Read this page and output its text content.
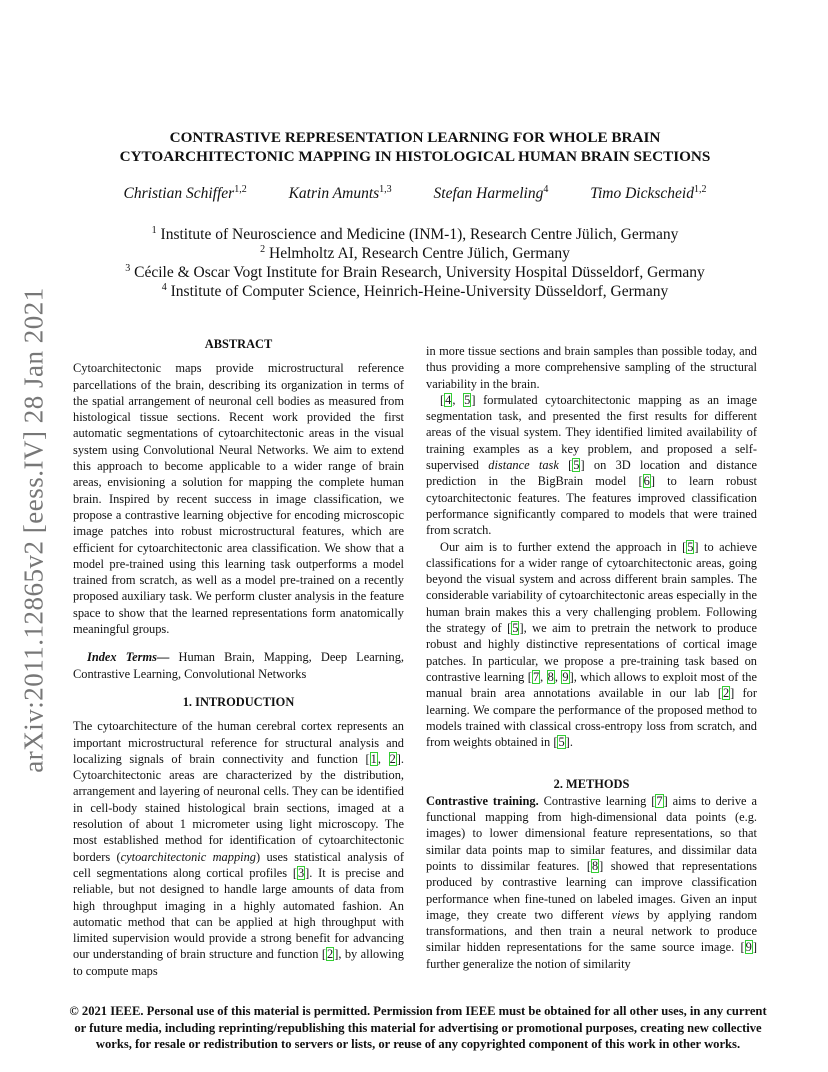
arXiv:2011.12865v2 [eess.IV] 28 Jan 2021
CONTRASTIVE REPRESENTATION LEARNING FOR WHOLE BRAIN
CYTOARCHITECTONIC MAPPING IN HISTOLOGICAL HUMAN BRAIN SECTIONS
Christian Schiffer$^{1,2}$	Katrin Amunts$^{1,3}$	Stefan Harmeling$^4$	Timo Dickscheid$^{1,2}$
$^1$ Institute of Neuroscience and Medicine (INM-1), Research Centre Jülich, Germany
$^2$ Helmholtz AI, Research Centre Jülich, Germany
$^3$ Cécile & Oscar Vogt Institute for Brain Research, University Hospital Düsseldorf, Germany
$^4$ Institute of Computer Science, Heinrich-Heine-University Düsseldorf, Germany

ABSTRACT

Cytoarchitectonic maps provide microstructural reference parcellations of the brain, describing its organization in terms of the spatial arrangement of neuronal cell bodies as measured from histological tissue sections. Recent work provided the first automatic segmentations of cytoarchitectonic areas in the visual system using Convolutional Neural Networks. We aim to extend this approach to become applicable to a wider range of brain areas, envisioning a solution for mapping the complete human brain. Inspired by recent success in image classification, we propose a contrastive learning objective for encoding microscopic image patches into robust microstructural features, which are efficient for cytoarchitectonic area classification. We show that a model pre-trained using this learning task outperforms a model trained from scratch, as well as a model pre-trained on a recently proposed auxiliary task. We perform cluster analysis in the feature space to show that the learned representations form anatomically meaningful groups.

Index Terms— Human Brain, Mapping, Deep Learning, Contrastive Learning, Convolutional Networks

1. INTRODUCTION

The cytoarchitecture of the human cerebral cortex represents an important microstructural reference for structural analysis and localizing signals of brain connectivity and function [1, 2]. Cytoarchitectonic areas are characterized by the distribution, arrangement and layering of neuronal cells. They can be identified in cell-body stained histological brain sections, imaged at a resolution of about 1 micrometer using light microscopy. The most established method for identification of cytoarchitectonic borders (cytoarchitectonic mapping) uses statistical analysis of cell segmentations along cortical profiles [3]. It is precise and reliable, but not designed to handle large amounts of data from high throughput imaging in a highly automated fashion. An automatic method that can be applied at high throughput with limited supervision would provide a strong benefit for advancing our understanding of brain structure and function [2], by allowing to compute maps

in more tissue sections and brain samples than possible today, and thus providing a more comprehensive sampling of the structural variability in the brain.

[4, 5] formulated cytoarchitectonic mapping as an image segmentation task, and presented the first results for different areas of the visual system. They identified limited availability of training examples as a key problem, and proposed a self-supervised distance task [5] on 3D location and distance prediction in the BigBrain model [6] to learn robust cytoarchitectonic features. The features improved classification performance significantly compared to models that were trained from scratch.

Our aim is to further extend the approach in [5] to achieve classifications for a wider range of cytoarchitectonic areas, going beyond the visual system and across different brain samples. The considerable variability of cytoarchitectonic areas especially in the human brain makes this a very challenging problem. Following the strategy of [5], we aim to pretrain the network to produce robust and highly distinctive representations of cortical image patches. In particular, we propose a pre-training task based on contrastive learning [7, 8, 9], which allows to exploit most of the manual brain area annotations available in our lab [2] for learning. We compare the performance of the proposed method to models trained with classical cross-entropy loss from scratch, and from weights obtained in [5].

2. METHODS

Contrastive training. Contrastive learning [7] aims to derive a functional mapping from high-dimensional data points (e.g. images) to lower dimensional feature representations, so that similar data points map to similar features, and dissimilar data points to dissimilar features. [8] showed that representations produced by contrastive learning can improve classification performance when fine-tuned on labeled images. Given an input image, they create two different views by applying random transformations, and then train a neural network to produce similar hidden representations for the same source image. [9] further generalize the notion of similarity

© 2021 IEEE. Personal use of this material is permitted. Permission from IEEE must be obtained for all other uses, in any current or future media, including reprinting/republishing this material for advertising or promotional purposes, creating new collective works, for resale or redistribution to servers or lists, or reuse of any copyrighted component of this work in other works.
